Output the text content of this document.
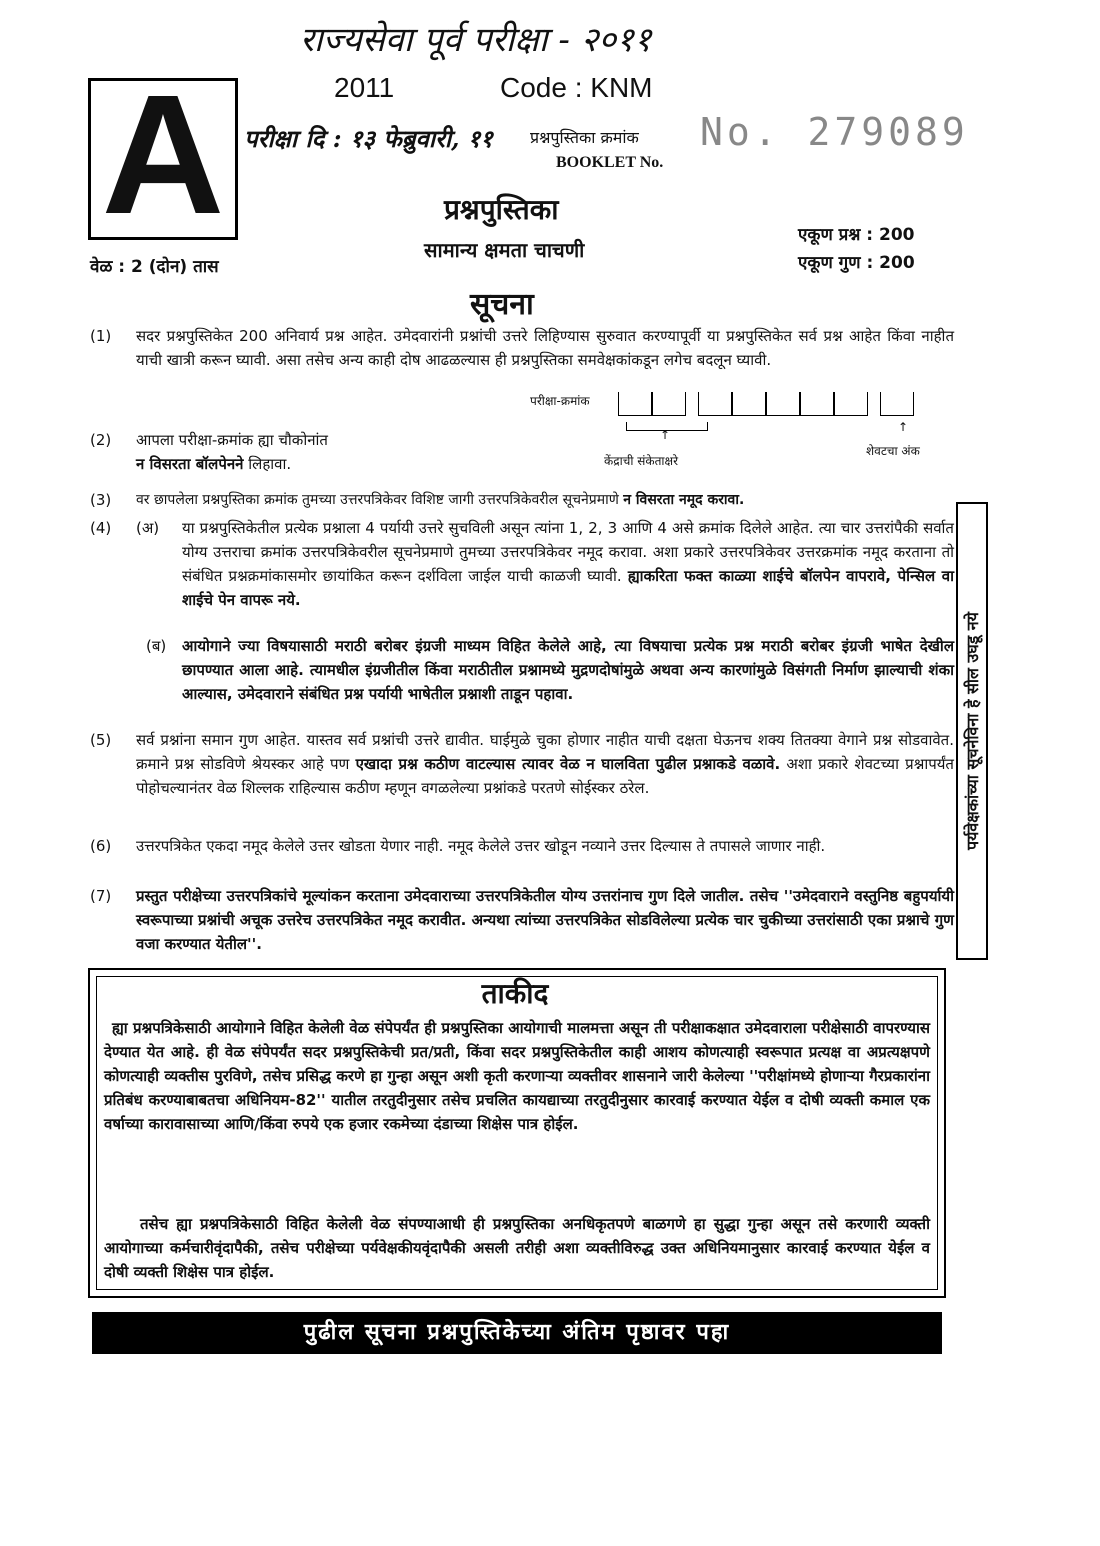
राज्यसेवा पूर्व परीक्षा - २०११
2011	Code : KNM
A परीक्षा दि : १३ फेब्रुवारी, ११ प्रश्नपुस्तिका क्रमांक
BOOKLET No.
No. 279089
प्रश्नपुस्तिका
सामान्य क्षमता चाचणी
एकूण प्रश्न : 200
एकूण गुण : 200
वेळ : 2 (दोन) तास
सूचना
(1)	सदर प्रश्नपुस्तिकेत 200 अनिवार्य प्रश्न आहेत. उमेदवारांनी प्रश्नांची उत्तरे लिहिण्यास सुरुवात करण्यापूर्वी या प्रश्नपुस्तिकेत सर्व प्रश्न आहेत किंवा नाहीत याची खात्री करून घ्यावी. असा तसेच अन्य काही दोष आढळल्यास ही प्रश्नपुस्तिका समवेक्षकांकडून लगेच बदलून घ्यावी.
परीक्षा-क्रमांक
↑
↑
केंद्राची संकेताक्षरे
शेवटचा अंक
(2)	आपला परीक्षा-क्रमांक ह्या चौकोनांत
न विसरता बॉलपेनने लिहावा.
(3)	वर छापलेला प्रश्नपुस्तिका क्रमांक तुमच्या उत्तरपत्रिकेवर विशिष्ट जागी उत्तरपत्रिकेवरील सूचनेप्रमाणे न विसरता नमूद करावा.
(4)	(अ)	या प्रश्नपुस्तिकेतील प्रत्येक प्रश्नाला 4 पर्यायी उत्तरे सुचविली असून त्यांना 1, 2, 3 आणि 4 असे क्रमांक दिलेले आहेत. त्या चार उत्तरांपैकी सर्वात योग्य उत्तराचा क्रमांक उत्तरपत्रिकेवरील सूचनेप्रमाणे तुमच्या उत्तरपत्रिकेवर नमूद करावा. अशा प्रकारे उत्तरपत्रिकेवर उत्तरक्रमांक नमूद करताना तो संबंधित प्रश्नक्रमांकासमोर छायांकित करून दर्शविला जाईल याची काळजी घ्यावी. ह्याकरिता फक्त काळ्या शाईचे बॉलपेन वापरावे, पेन्सिल वा शाईचे पेन वापरू नये.
(ब)	आयोगाने ज्या विषयासाठी मराठी बरोबर इंग्रजी माध्यम विहित केलेले आहे, त्या विषयाचा प्रत्येक प्रश्न मराठी बरोबर इंग्रजी भाषेत देखील छापण्यात आला आहे. त्यामधील इंग्रजीतील किंवा मराठीतील प्रश्नामध्ये मुद्रणदोषांमुळे अथवा अन्य कारणांमुळे विसंगती निर्माण झाल्याची शंका आल्यास, उमेदवाराने संबंधित प्रश्न पर्यायी भाषेतील प्रश्नाशी ताडून पहावा.
(5)	सर्व प्रश्नांना समान गुण आहेत. यास्तव सर्व प्रश्नांची उत्तरे द्यावीत. घाईमुळे चुका होणार नाहीत याची दक्षता घेऊनच शक्य तितक्या वेगाने प्रश्न सोडवावेत. क्रमाने प्रश्न सोडविणे श्रेयस्कर आहे पण एखादा प्रश्न कठीण वाटल्यास त्यावर वेळ न घालविता पुढील प्रश्नाकडे वळावे. अशा प्रकारे शेवटच्या प्रश्नापर्यंत पोहोचल्यानंतर वेळ शिल्लक राहिल्यास कठीण म्हणून वगळलेल्या प्रश्नांकडे परतणे सोईस्कर ठरेल.
(6)	उत्तरपत्रिकेत एकदा नमूद केलेले उत्तर खोडता येणार नाही. नमूद केलेले उत्तर खोडून नव्याने उत्तर दिल्यास ते तपासले जाणार नाही.
(7)	प्रस्तुत परीक्षेच्या उत्तरपत्रिकांचे मूल्यांकन करताना उमेदवाराच्या उत्तरपत्रिकेतील योग्य उत्तरांनाच गुण दिले जातील. तसेच ''उमेदवाराने वस्तुनिष्ठ बहुपर्यायी स्वरूपाच्या प्रश्नांची अचूक उत्तरेच उत्तरपत्रिकेत नमूद करावीत. अन्यथा त्यांच्या उत्तरपत्रिकेत सोडविलेल्या प्रत्येक चार चुकीच्या उत्तरांसाठी एका प्रश्नाचे गुण वजा करण्यात येतील''.
पर्यवेक्षकांच्या सूचनेविना हे सील उघडू नये
ताकीद
ह्या प्रश्नपत्रिकेसाठी आयोगाने विहित केलेली वेळ संपेपर्यंत ही प्रश्नपुस्तिका आयोगाची मालमत्ता असून ती परीक्षाकक्षात उमेदवाराला परीक्षेसाठी वापरण्यास देण्यात येत आहे. ही वेळ संपेपर्यंत सदर प्रश्नपुस्तिकेची प्रत/प्रती, किंवा सदर प्रश्नपुस्तिकेतील काही आशय कोणत्याही स्वरूपात प्रत्यक्ष वा अप्रत्यक्षपणे कोणत्याही व्यक्तीस पुरविणे, तसेच प्रसिद्ध करणे हा गुन्हा असून अशी कृती करणाऱ्या व्यक्तीवर शासनाने जारी केलेल्या ''परीक्षांमध्ये होणाऱ्या गैरप्रकारांना प्रतिबंध करण्याबाबतचा अधिनियम-82'' यातील तरतुदीनुसार तसेच प्रचलित कायद्याच्या तरतुदीनुसार कारवाई करण्यात येईल व दोषी व्यक्ती कमाल एक वर्षाच्या कारावासाच्या आणि/किंवा रुपये एक हजार रकमेच्या दंडाच्या शिक्षेस पात्र होईल.
तसेच ह्या प्रश्नपत्रिकेसाठी विहित केलेली वेळ संपण्याआधी ही प्रश्नपुस्तिका अनधिकृतपणे बाळगणे हा सुद्धा गुन्हा असून तसे करणारी व्यक्ती आयोगाच्या कर्मचारीवृंदापैकी, तसेच परीक्षेच्या पर्यवेक्षकीयवृंदापैकी असली तरीही अशा व्यक्तीविरुद्ध उक्त अधिनियमानुसार कारवाई करण्यात येईल व दोषी व्यक्ती शिक्षेस पात्र होईल.
पुढील सूचना प्रश्नपुस्तिकेच्या अंतिम पृष्ठावर पहा
